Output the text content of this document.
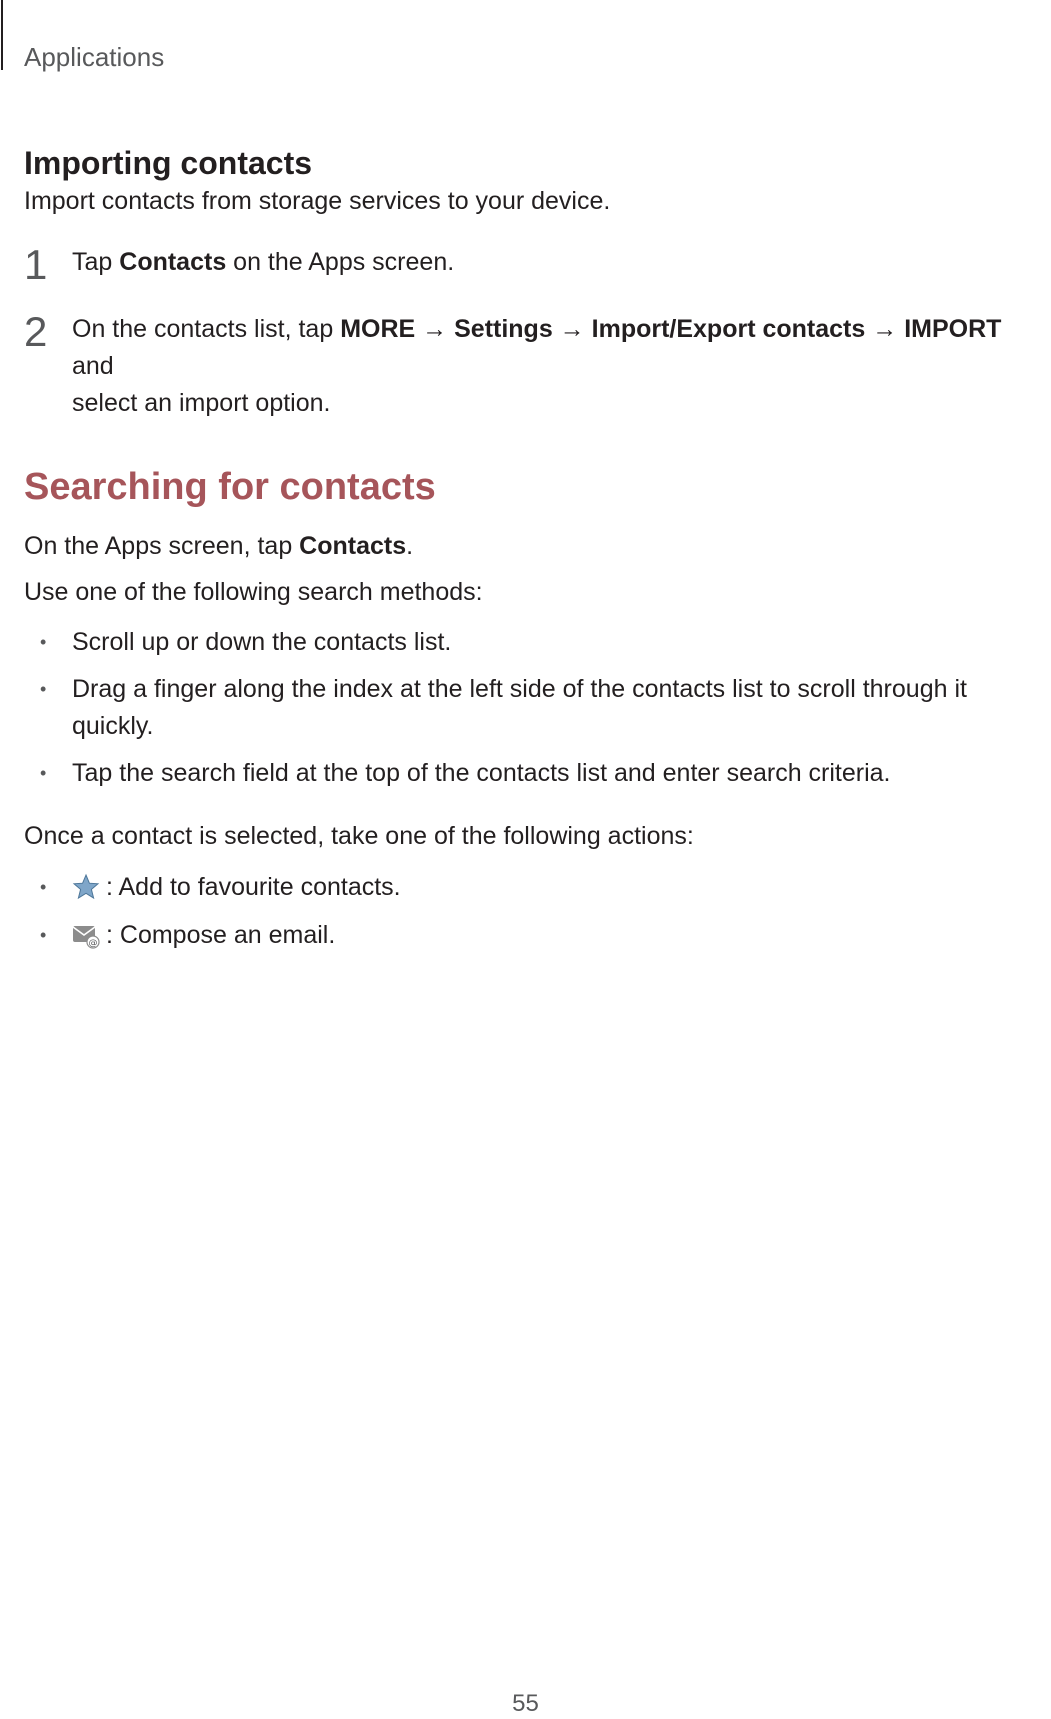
Applications
Importing contacts

Import contacts from storage services to your device.

1 Tap Contacts on the Apps screen.
2 On the contacts list, tap MORE → Settings → Import/Export contacts → IMPORT and
select an import option.
Searching for contacts

On the Apps screen, tap Contacts.

Use one of the following search methods:

• Scroll up or down the contacts list.
• Drag a finger along the index at the left side of the contacts list to scroll through it quickly.
• Tap the search field at the top of the contacts list and enter search criteria.

Once a contact is selected, take one of the following actions:

•	: Add to favourite contacts.
•	@ : Compose an email.
55
